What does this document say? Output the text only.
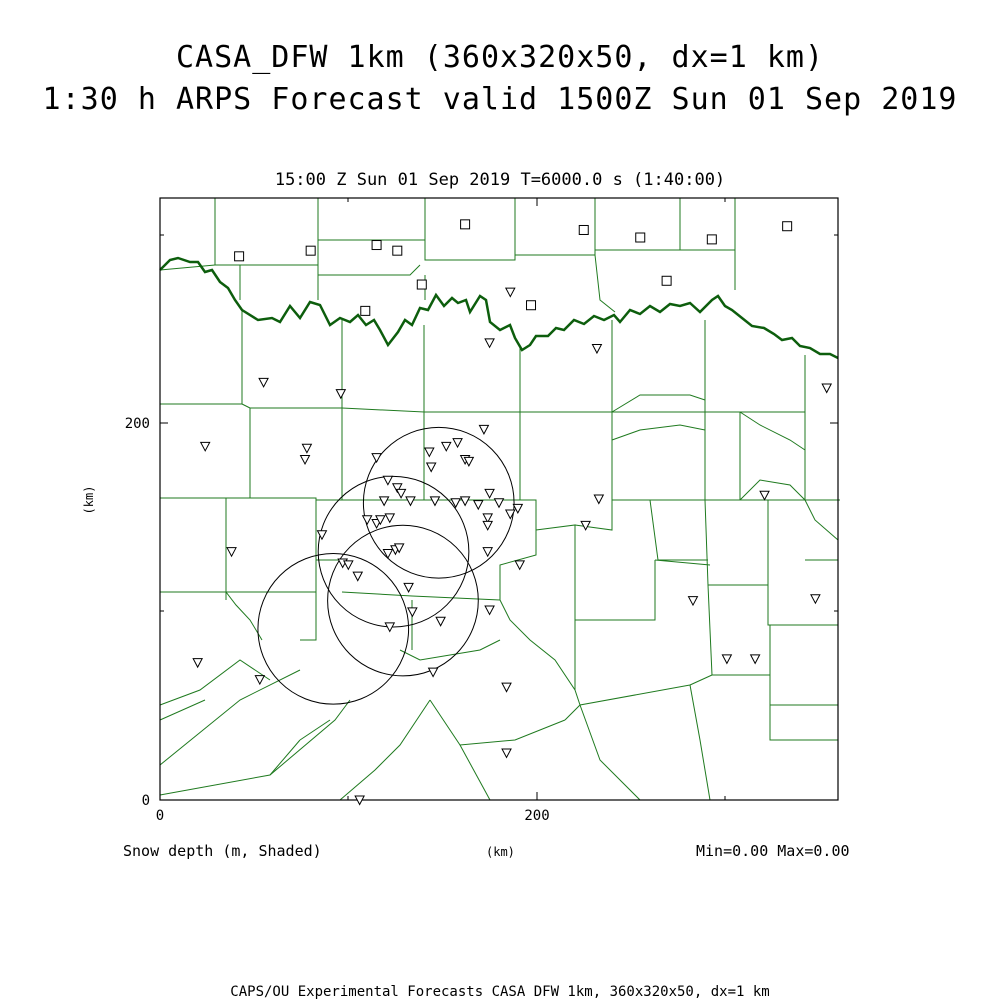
CASA_DFW 1km (360x320x50, dx=1 km)
1:30 h ARPS Forecast valid 1500Z Sun 01 Sep 2019
15:00 Z Sun 01 Sep 2019 T=6000.0 s (1:40:00)
0	200
0
200
(km)
Snow depth (m, Shaded)	(km)	Min=0.00 Max=0.00
CAPS/OU Experimental Forecasts CASA DFW 1km, 360x320x50, dx=1 km
